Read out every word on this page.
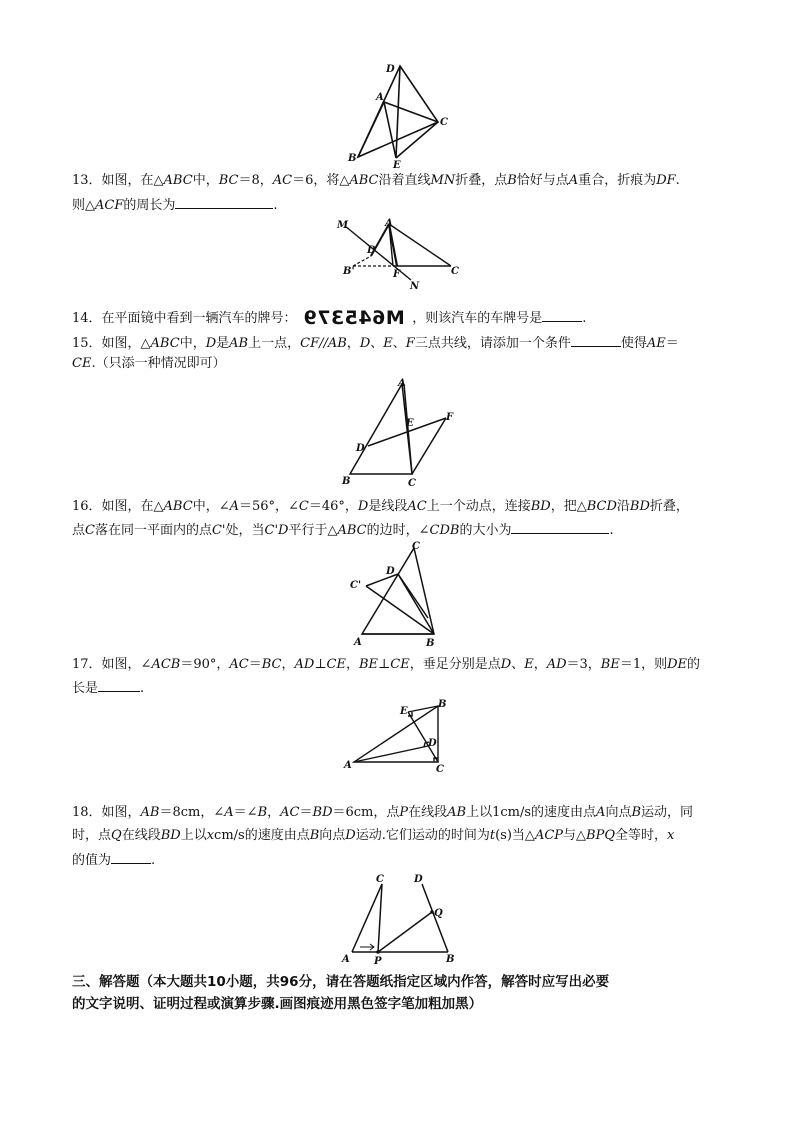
D
A
C
B
E
13．如图，在△ABC中，BC＝8，AC＝6，将△ABC沿着直线MN折叠，点B恰好与点A重合，折痕为DF.
则△ACF的周长为	.
M	A
D
B'	F	C
N
14．在平面镜中看到一辆汽车的牌号： M645379 ，则该汽车的车牌号是	.
15．如图，△ABC中，D是AB上一点，CF//AB，D、E、F三点共线，请添加一个条件	使得AE＝
CE.（只添一种情况即可）
A
E
F
D
B	C
16．如图，在△ABC中，∠A＝56°，∠C＝46°，D是线段AC上一个动点，连接BD，把△BCD沿BD折叠，
点C落在同一平面内的点C'处，当C'D平行于△ABC的边时，∠CDB的大小为	.
C
D
C'
A	B
17．如图，∠ACB＝90°，AC＝BC，AD⊥CE，BE⊥CE，垂足分别是点D、E，AD＝3，BE＝1，则DE的
长是	.
E
B
D
A	C
18．如图，AB＝8cm，∠A＝∠B，AC＝BD＝6cm，点P在线段AB上以1cm/s的速度由点A向点B运动，同
时，点Q在线段BD上以xcm/s的速度由点B向点D运动.它们运动的时间为t(s)当△ACP与△BPQ全等时，x
的值为	.
C	D
Q
A P	B
三、解答题（本大题共10小题，共96分，请在答题纸指定区域内作答，解答时应写出必要
的文字说明、证明过程或演算步骤.画图痕迹用黑色签字笔加粗加黑）
